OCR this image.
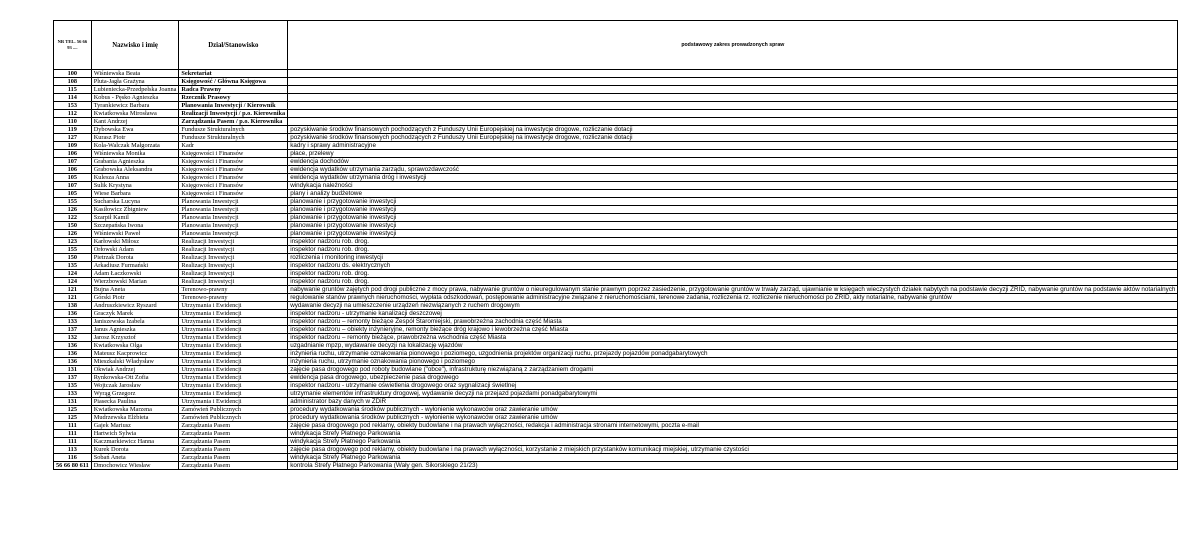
NR TEL. 56 66 93 ....	Nazwisko i imię	Dział/Stanowisko	podstawowy zakres prowadzonych spraw
100	Wiśniewska Beata	Sekretariat	
108	Pluta-Jagła Grażyna	Księgowość / Główna Księgowa	
115	Lubieniecka-Przedpełska Joanna	Radca Prawny	
114	Kobus - Pęsko Agnieszka	Rzecznik Prasowy	
153	Tyrankiewicz Barbara	Planowania Inwestycji / Kierownik	
112	Kwiatkowska Mirosława	Realizacji Inwestycji / p.o. Kierownika	
110	Kant Andrzej	Zarządzania Pasem / p.o. Kierownika	
119	Dybowska Ewa	Fundusze Strukturalnych	pozyskiwanie środków finansowych pochodzących z Funduszy Unii Europejskiej na inwestycje drogowe, rozliczanie dotacji
127	Kurasz Piotr	Fundusze Strukturalnych	pozyskiwanie środków finansowych pochodzących z Funduszy Unii Europejskiej na inwestycje drogowe, rozliczanie dotacji
109	Kola-Walczak Małgorzata	Kadr	kadry i sprawy administracyjne
106	Wiśniewska Monika	Księgowości i Finansów	płace, przelewy
107	Grabania Agnieszka	Księgowości i Finansów	ewidencja dochodów
106	Grabowska Aleksandra	Księgowości i Finansów	ewidencja wydatków utrzymania zarządu, sprawozdawczość
105	Kulesza Anna	Księgowości i Finansów	ewidencja wydatków utrzymania dróg i inwestycji
107	Sulik Krystyna	Księgowości i Finansów	windykacja należności
105	Wiese Barbara	Księgowości i Finansów	plany i analizy budżetowe
155	Sucharska Lucyna	Planowania Inwestycji	planowanie i przygotowanie inwestycji
126	Kasiłowicz Zbigniew	Planowania Inwestycji	planowanie i przygotowanie inwestycji
122	Szarpił Kamil	Planowania Inwestycji	planowanie i przygotowanie inwestycji
150	Szczepańska Iwona	Planowania Inwestycji	planowanie i przygotowanie inwestycji
126	Wiśniewski Paweł	Planowania Inwestycji	planowanie i przygotowanie inwestycji
123	Karłowski Miłosz	Realizacji Inwestycji	inspektor nadzoru rob. drog.
155	Orłowski Adam	Realizacji Inwestycji	inspektor nadzoru rob. drog.
150	Pietrzak Dorota	Realizacji Inwestycji	rozliczenia i monitoring inwestycji
135	Arkadiusz Furmański	Realizacji Inwestycji	inspektor nadzoru ds. elektrycznych
124	Adam Łaczkowski	Realizacji Inwestycji	inspektor nadzoru rob. drog.
124	Wierzbowski Marian	Realizacji Inwestycji	inspektor nadzoru rob. drog.
121	Bujna Aneta	Terenowo-prawny	nabywanie gruntów zajętych pod drogi publiczne z mocy prawa, nabywanie gruntów o nieuregulowanym stanie prawnym poprzez zasiedzenie, przygotowanie gruntów w trwały zarząd, ujawnianie w księgach wieczystych działek nabytych na podstawie decyzji ZRID, nabywanie gruntów na podstawie aktów notarialnych
121	Górski Piotr	Terenowo-prawny	regulowanie stanów prawnych nieruchomości, wypłata odszkodowań, postępowanie administracyjne związane z nieruchomościami, terenowe zadania, rozliczenia rz. rozliczenie nieruchomości po ZRID, akty notarialne, nabywanie gruntów
138	Andruszkiewicz Ryszard	Utrzymania i Ewidencji	wydawanie decyzji na umieszczenie urządzeń niezwiązanych z ruchem drogowym
136	Graczyk Marek	Utrzymania i Ewidencji	inspektor nadzoru - utrzymanie kanalizacji deszczowej
133	Janiszewska Izabela	Utrzymania i Ewidencji	inspektor nadzoru – remonty bieżące Zespół Staromiejski, prawobrzeżna zachodnia część Miasta
137	Janus Agnieszka	Utrzymania i Ewidencji	inspektor nadzoru – obiekty inżynieryjne, remonty bieżące dróg krajowo i lewobrzeżna część Miasta
132	Jarosz Krzysztof	Utrzymania i Ewidencji	inspektor nadzoru – remonty bieżące, prawobrzeżna wschodnia część Miasta
136	Kwiatkowska Olga	Utrzymania i Ewidencji	uzgadnianie mpzp, wydawanie decyzji na lokalizację wjazdów
136	Mateusz Kacprowicz	Utrzymania i Ewidencji	inżynieria ruchu, utrzymanie oznakowania pionowego i poziomego, uzgodnienia projektów organizacji ruchu, przejazdy pojazdów ponadgabarytowych
136	Mieszkalski Władysław	Utrzymania i Ewidencji	inżynieria ruchu, utrzymanie oznakowania pionowego i poziomego
131	Okwiak Andrzej	Utrzymania i Ewidencji	zajęcie pasa drogowego pod roboty budowlane ("obce"), infrastrukturę niezwiązaną z zarządzaniem drogami
137	Rynkowska-Ott Zofia	Utrzymania i Ewidencji	ewidencja pasa drogowego, ubezpieczenie pasa drogowego
135	Wojtczak Jarosław	Utrzymania i Ewidencji	inspektor nadzoru - utrzymanie oświetlenia drogowego oraz sygnalizacji świetlnej
133	Wyrąg Grzegorz	Utrzymania i Ewidencji	utrzymanie elementów infrastruktury drogowej, wydawanie decyzji na przejazd pojazdami ponadgabarytowymi
131	Piasecka Paulina	Utrzymania i Ewidencji	administrator bazy danych w ZDiR
125	Kwiatkowska Marzena	Zamówień Publicznych	procedury wydatkowania środków publicznych - wyłonienie wykonawców oraz zawieranie umów
125	Mudrzewska Elżbieta	Zamówień Publicznych	procedury wydatkowania środków publicznych - wyłonienie wykonawców oraz zawieranie umów
111	Gajek Mariusz	Zarządzania Pasem	zajęcie pasa drogowego pod reklamy, obiekty budowlane i na prawach wyłączności, redakcja i administracja stronami internetowymi, poczta e-mail
111	Hartwich Sylwia	Zarządzania Pasem	windykacja Strefy Płatnego Parkowania
111	Kaczmarkiewicz Hanna	Zarządzania Pasem	windykacja Strefy Płatnego Parkowania
113	Kurek Dorota	Zarządzania Pasem	zajęcie pasa drogowego pod reklamy, obiekty budowlane i na prawach wyłączności, korzystanie z miejskich przystanków komunikacji miejskiej, utrzymanie czystości
116	Sobań Aneta	Zarządzania Pasem	windykacja Strefy Płatnego Parkowania
56 66 80 611	Dmochowicz Wiesław	Zarządzania Pasem	kontrola Strefy Płatnego Parkowania (Wały gen. Sikorskiego 21/23)
